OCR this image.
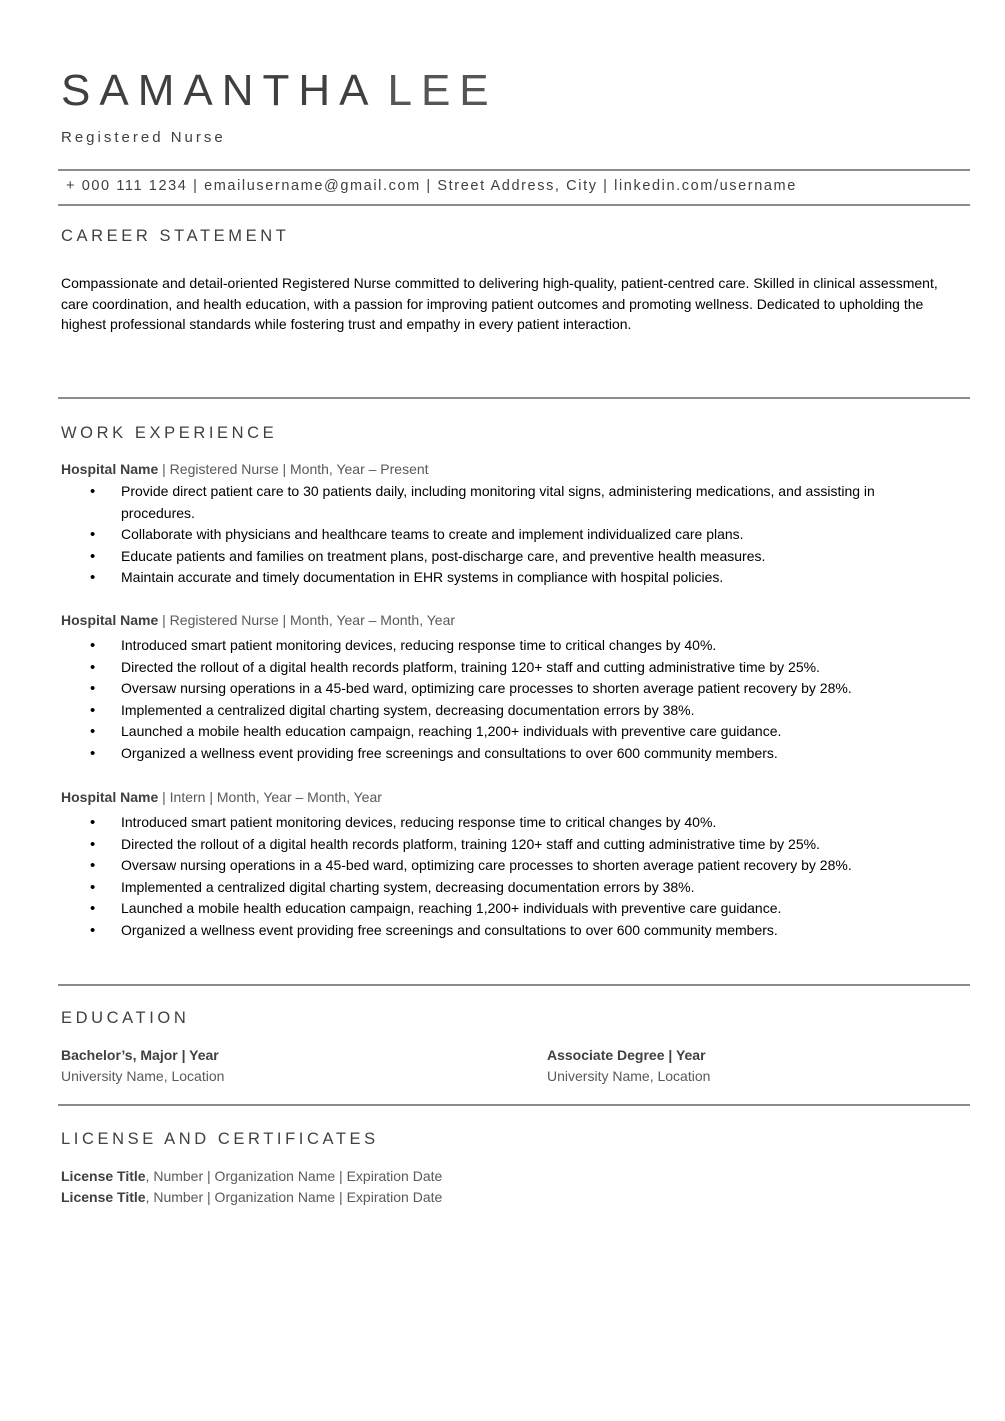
SAMANTHA LEE
Registered Nurse
+ 000 111 1234 | emailusername@gmail.com | Street Address, City | linkedin.com/username
CAREER STATEMENT
Compassionate and detail-oriented Registered Nurse committed to delivering high-quality, patient-centred care. Skilled in clinical assessment, care coordination, and health education, with a passion for improving patient outcomes and promoting wellness. Dedicated to upholding the highest professional standards while fostering trust and empathy in every patient interaction.
WORK EXPERIENCE
Hospital Name | Registered Nurse | Month, Year – Present
• Provide direct patient care to 30 patients daily, including monitoring vital signs, administering medications, and assisting in procedures.
• Collaborate with physicians and healthcare teams to create and implement individualized care plans.
• Educate patients and families on treatment plans, post-discharge care, and preventive health measures.
• Maintain accurate and timely documentation in EHR systems in compliance with hospital policies.
Hospital Name | Registered Nurse | Month, Year – Month, Year
• Introduced smart patient monitoring devices, reducing response time to critical changes by 40%.
• Directed the rollout of a digital health records platform, training 120+ staff and cutting administrative time by 25%.
• Oversaw nursing operations in a 45-bed ward, optimizing care processes to shorten average patient recovery by 28%.
• Implemented a centralized digital charting system, decreasing documentation errors by 38%.
• Launched a mobile health education campaign, reaching 1,200+ individuals with preventive care guidance.
• Organized a wellness event providing free screenings and consultations to over 600 community members.
Hospital Name | Intern | Month, Year – Month, Year
• Introduced smart patient monitoring devices, reducing response time to critical changes by 40%.
• Directed the rollout of a digital health records platform, training 120+ staff and cutting administrative time by 25%.
• Oversaw nursing operations in a 45-bed ward, optimizing care processes to shorten average patient recovery by 28%.
• Implemented a centralized digital charting system, decreasing documentation errors by 38%.
• Launched a mobile health education campaign, reaching 1,200+ individuals with preventive care guidance.
• Organized a wellness event providing free screenings and consultations to over 600 community members.
EDUCATION
Bachelor’s, Major | Year
University Name, Location
Associate Degree | Year
University Name, Location
LICENSE AND CERTIFICATES
License Title, Number | Organization Name | Expiration Date
License Title, Number | Organization Name | Expiration Date
